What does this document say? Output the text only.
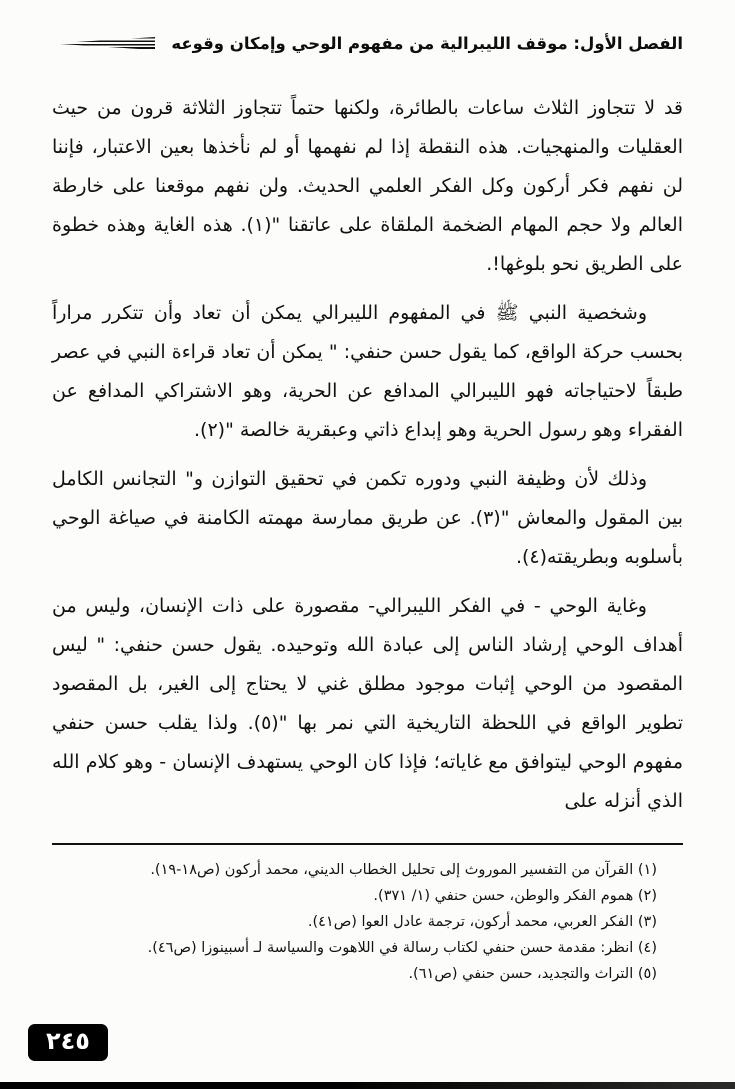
الفصل الأول: موقف الليبرالية من مفهوم الوحي وإمكان وقوعه

قد لا تتجاوز الثلاث ساعات بالطائرة، ولكنها حتماً تتجاوز الثلاثة قرون من حيث العقليات والمنهجيات. هذه النقطة إذا لم نفهمها أو لم نأخذها بعين الاعتبار، فإننا لن نفهم فكر أركون وكل الفكر العلمي الحديث. ولن نفهم موقعنا على خارطة العالم ولا حجم المهام الضخمة الملقاة على عاتقنا "(١). هذه الغاية وهذه خطوة على الطريق نحو بلوغها!.

وشخصية النبي ﷺ في المفهوم الليبرالي يمكن أن تعاد وأن تتكرر مراراً بحسب حركة الواقع، كما يقول حسن حنفي: " يمكن أن تعاد قراءة النبي في عصر طبقاً لاحتياجاته فهو الليبرالي المدافع عن الحرية، وهو الاشتراكي المدافع عن الفقراء وهو رسول الحرية وهو إبداع ذاتي وعبقرية خالصة "(٢).

وذلك لأن وظيفة النبي ودوره تكمن في تحقيق التوازن و" التجانس الكامل بين المقول والمعاش "(٣). عن طريق ممارسة مهمته الكامنة في صياغة الوحي بأسلوبه وبطريقته(٤).

وغاية الوحي - في الفكر الليبرالي- مقصورة على ذات الإنسان، وليس من أهداف الوحي إرشاد الناس إلى عبادة الله وتوحيده. يقول حسن حنفي: " ليس المقصود من الوحي إثبات موجود مطلق غني لا يحتاج إلى الغير، بل المقصود تطوير الواقع في اللحظة التاريخية التي نمر بها "(٥). ولذا يقلب حسن حنفي مفهوم الوحي ليتوافق مع غاياته؛ فإذا كان الوحي يستهدف الإنسان - وهو كلام الله الذي أنزله على

(١) القرآن من التفسير الموروث إلى تحليل الخطاب الديني، محمد أركون (ص١٨-١٩).
(٢) هموم الفكر والوطن، حسن حنفي (١/ ٣٧١).
(٣) الفكر العربي، محمد أركون، ترجمة عادل العوا (ص٤١).
(٤) انظر: مقدمة حسن حنفي لكتاب رسالة في اللاهوت والسياسة لـ أسبينوزا (ص٤٦).
(٥) التراث والتجديد، حسن حنفي (ص٦١).
٢٤٥
